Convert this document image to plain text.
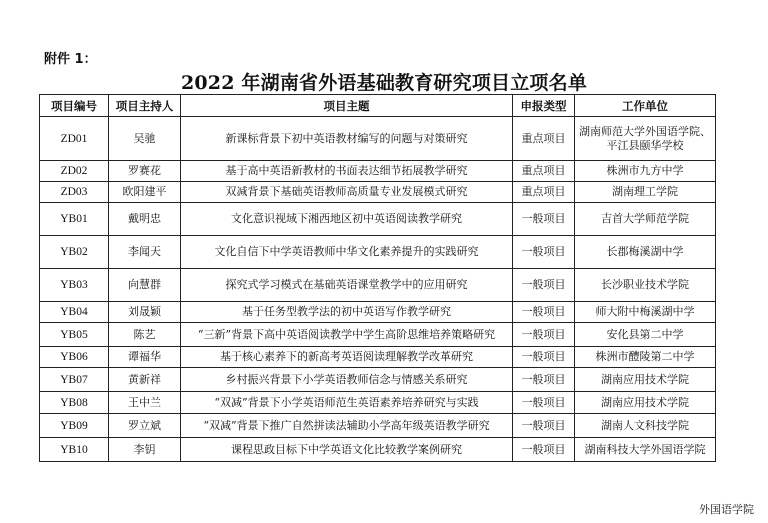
附件 1：
2022 年湖南省外语基础教育研究项目立项名单
项目编号	项目主持人	项目主题	申报类型	工作单位
ZD01	吴驰	新课标背景下初中英语教材编写的问题与对策研究	重点项目	湖南师范大学外国语学院、平江县颐华学校
ZD02	罗赛花	基于高中英语新教材的书面表达细节拓展教学研究	重点项目	株洲市九方中学
ZD03	欧阳建平	双减背景下基础英语教师高质量专业发展模式研究	重点项目	湖南理工学院
YB01	戴明忠	文化意识视域下湘西地区初中英语阅读教学研究	一般项目	吉首大学师范学院
YB02	李闻天	文化自信下中学英语教师中华文化素养提升的实践研究	一般项目	长郡梅溪湖中学
YB03	向慧群	探究式学习模式在基础英语课堂教学中的应用研究	一般项目	长沙职业技术学院
YB04	刘晟颖	基于任务型教学法的初中英语写作教学研究	一般项目	师大附中梅溪湖中学
YB05	陈艺	“三新”背景下高中英语阅读教学中学生高阶思维培养策略研究	一般项目	安化县第二中学
YB06	谭福华	基于核心素养下的新高考英语阅读理解教学改革研究	一般项目	株洲市醴陵第二中学
YB07	黄新祥	乡村振兴背景下小学英语教师信念与情感关系研究	一般项目	湖南应用技术学院
YB08	王中兰	“双减”背景下小学英语师范生英语素养培养研究与实践	一般项目	湖南应用技术学院
YB09	罗立斌	“双减”背景下推广自然拼读法辅助小学高年级英语教学研究	一般项目	湖南人文科技学院
YB10	李钥	课程思政目标下中学英语文化比较教学案例研究	一般项目	湖南科技大学外国语学院
外国语学院
